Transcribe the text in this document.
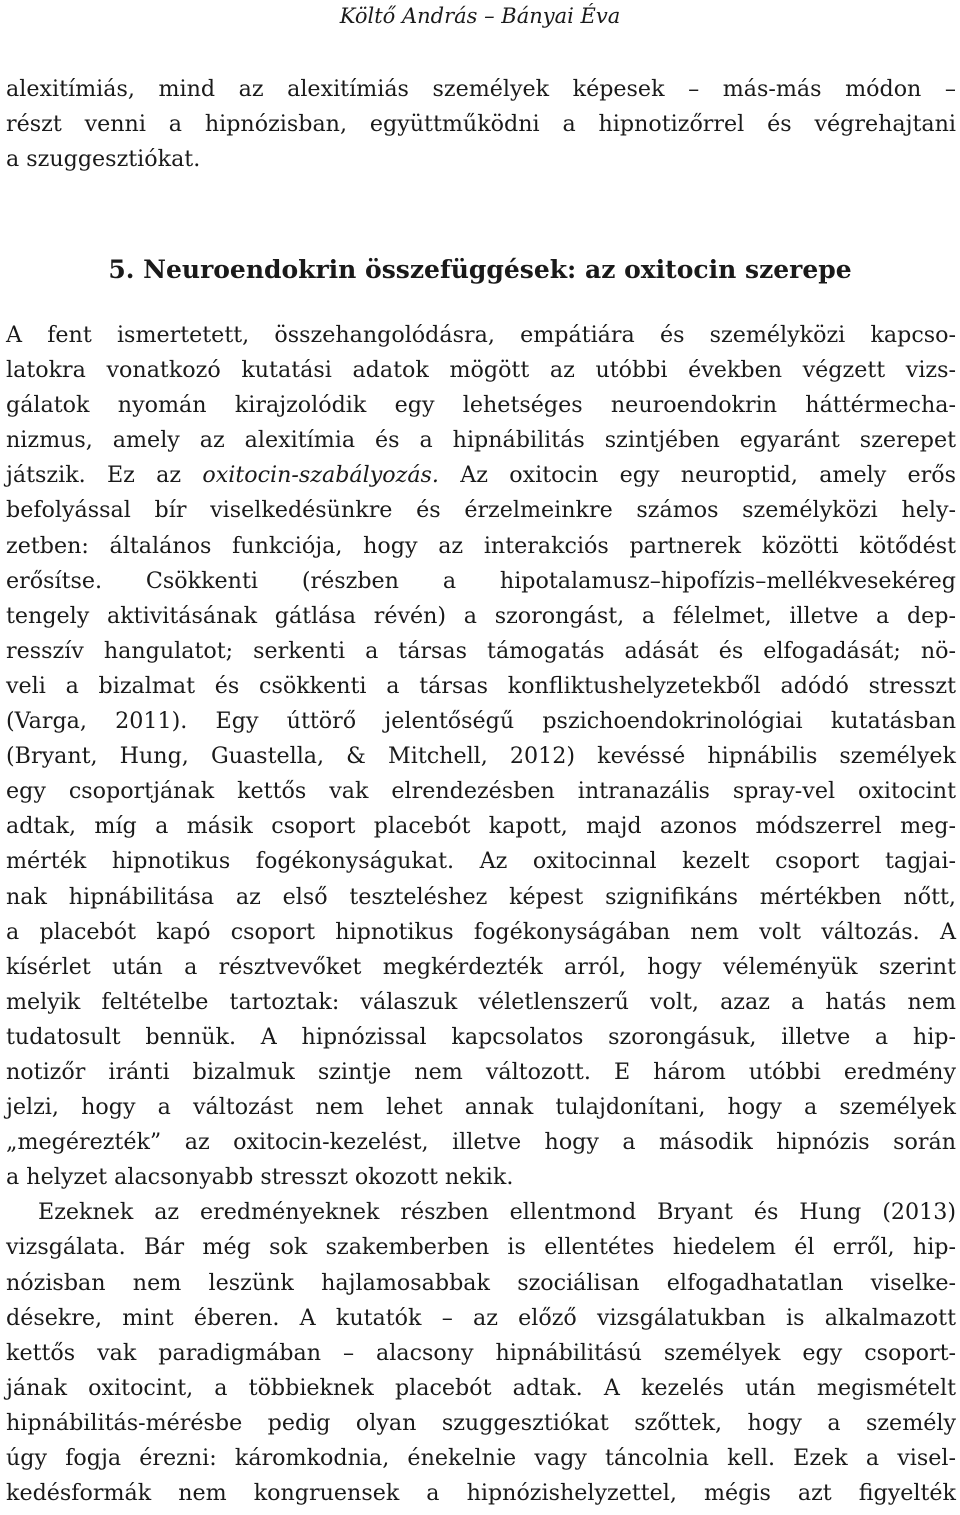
Költő András – Bányai Éva
alexitímiás, mind az alexitímiás személyek képesek – más-más módon –
részt venni a hipnózisban, együttműködni a hipnotizőrrel és végrehajtani
a szuggesztiókat.
5. Neuroendokrin összefüggések: az oxitocin szerepe
A fent ismertetett, összehangolódásra, empátiára és személyközi kapcso-
latokra vonatkozó kutatási adatok mögött az utóbbi években végzett vizs-
gálatok nyomán kirajzolódik egy lehetséges neuroendokrin háttérmecha-
nizmus, amely az alexitímia és a hipnábilitás szintjében egyaránt szerepet
játszik. Ez az oxitocin-szabályozás. Az oxitocin egy neuroptid, amely erős
befolyással bír viselkedésünkre és érzelmeinkre számos személyközi hely-
zetben: általános funkciója, hogy az interakciós partnerek közötti kötődést
erősítse. Csökkenti (részben a hipotalamusz–hipofízis–mellékvesekéreg
tengely aktivitásának gátlása révén) a szorongást, a félelmet, illetve a dep-
resszív hangulatot; serkenti a társas támogatás adását és elfogadását; nö-
veli a bizalmat és csökkenti a társas konfliktushelyzetekből adódó stresszt
(Varga, 2011). Egy úttörő jelentőségű pszichoendokrinológiai kutatásban
(Bryant, Hung, Guastella, & Mitchell, 2012) kevéssé hipnábilis személyek
egy csoportjának kettős vak elrendezésben intranazális spray-vel oxitocint
adtak, míg a másik csoport placebót kapott, majd azonos módszerrel meg-
mérték hipnotikus fogékonyságukat. Az oxitocinnal kezelt csoport tagjai-
nak hipnábilitása az első teszteléshez képest szignifikáns mértékben nőtt,
a placebót kapó csoport hipnotikus fogékonyságában nem volt változás. A
kísérlet után a résztvevőket megkérdezték arról, hogy véleményük szerint
melyik feltételbe tartoztak: válaszuk véletlenszerű volt, azaz a hatás nem
tudatosult bennük. A hipnózissal kapcsolatos szorongásuk, illetve a hip-
notizőr iránti bizalmuk szintje nem változott. E három utóbbi eredmény
jelzi, hogy a változást nem lehet annak tulajdonítani, hogy a személyek
„megérezték” az oxitocin-kezelést, illetve hogy a második hipnózis során
a helyzet alacsonyabb stresszt okozott nekik.
Ezeknek az eredményeknek részben ellentmond Bryant és Hung (2013)
vizsgálata. Bár még sok szakemberben is ellentétes hiedelem él erről, hip-
nózisban nem leszünk hajlamosabbak szociálisan elfogadhatatlan viselke-
désekre, mint éberen. A kutatók – az előző vizsgálatukban is alkalmazott
kettős vak paradigmában – alacsony hipnábilitású személyek egy csoport-
jának oxitocint, a többieknek placebót adtak. A kezelés után megismételt
hipnábilitás-mérésbe pedig olyan szuggesztiókat szőttek, hogy a személy
úgy fogja érezni: káromkodnia, énekelnie vagy táncolnia kell. Ezek a visel-
kedésformák nem kongruensek a hipnózishelyzettel, mégis azt figyelték
